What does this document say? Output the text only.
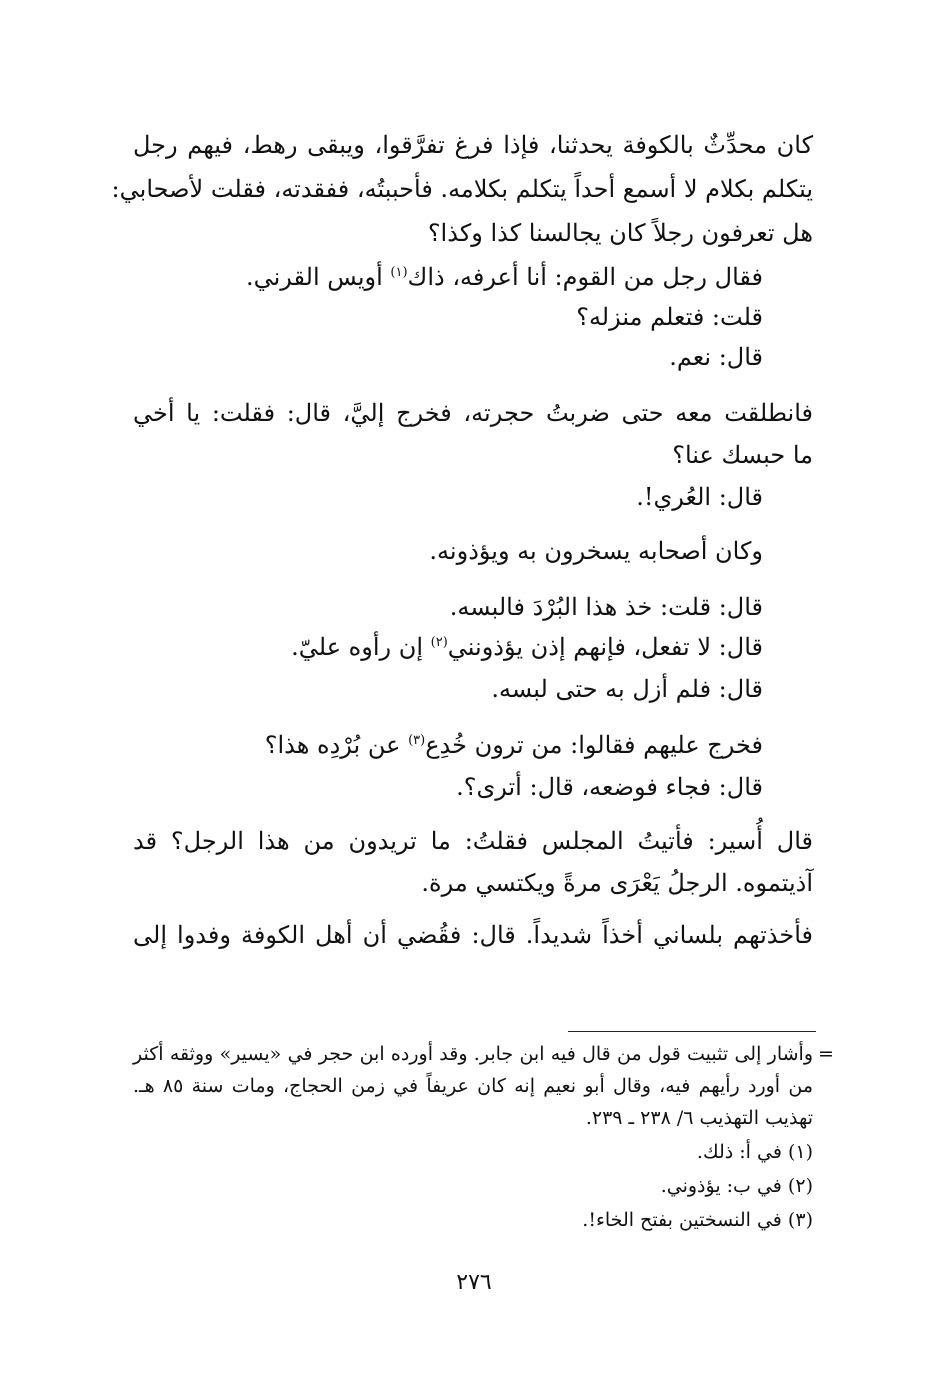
كان محدِّثٌ بالكوفة يحدثنا، فإذا فرغ تفرَّقوا، ويبقى رهط، فيهم رجل
يتكلم بكلام لا أسمع أحداً يتكلم بكلامه. فأحببتُه، ففقدته، فقلت لأصحابي:
هل تعرفون رجلاً كان يجالسنا كذا وكذا؟
فقال رجل من القوم: أنا أعرفه، ذاك$^{(١)}$ أويس القرني.
قلت: فتعلم منزله؟
قال: نعم.
فانطلقت معه حتى ضربتُ حجرته، فخرج إليَّ، قال: فقلت: يا أخي
ما حبسك عنا؟
قال: العُري!.
وكان أصحابه يسخرون به ويؤذونه.
قال: قلت: خذ هذا البُرْدَ فالبسه.
قال: لا تفعل، فإنهم إذن يؤذونني$^{(٢)}$ إن رأوه عليّ.
قال: فلم أزل به حتى لبسه.
فخرج عليهم فقالوا: من ترون خُدِع$^{(٣)}$ عن بُرْدِه هذا؟
قال: فجاء فوضعه، قال: أترى؟.
قال أُسير: فأتيتُ المجلس فقلتُ: ما تريدون من هذا الرجل؟ قد
آذيتموه. الرجلُ يَعْرَى مرةً ويكتسي مرة.
فأخذتهم بلساني أخذاً شديداً. قال: فقُضي أن أهل الكوفة وفدوا إلى
=
وأشار إلى تثبيت قول من قال فيه ابن جابر. وقد أورده ابن حجر في «يسير» ووثقه أكثر
من أورد رأيهم فيه، وقال أبو نعيم إنه كان عريفاً في زمن الحجاج، ومات سنة ٨٥ هـ.
تهذيب التهذيب ٦/ ٢٣٨ ـ ٢٣٩.
(١) في أ: ذلك.
(٢) في ب: يؤذوني.
(٣) في النسختين بفتح الخاء!.
٢٧٦
